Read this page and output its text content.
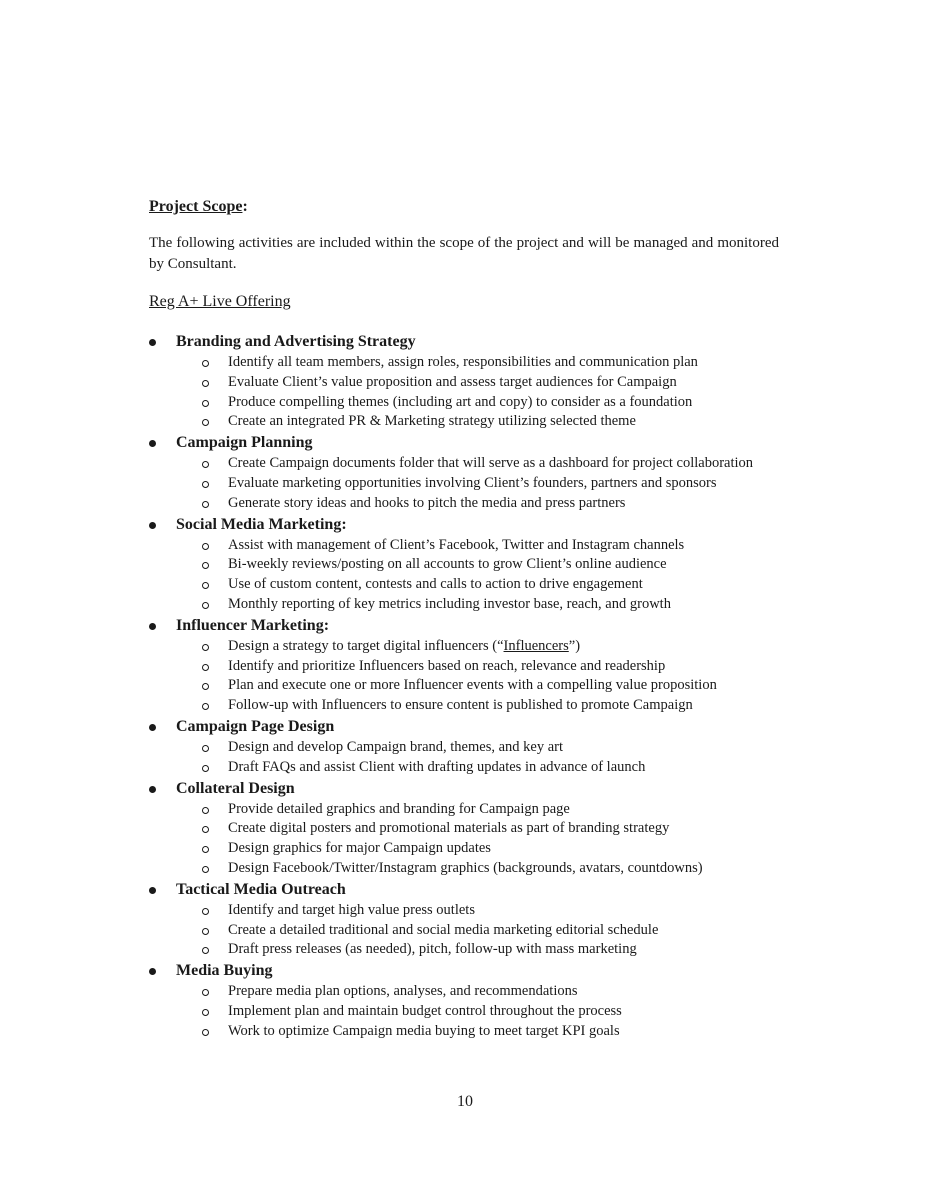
Project Scope:
The following activities are included within the scope of the project and will be managed and monitored by Consultant.
Reg A+ Live Offering
Branding and Advertising Strategy
Identify all team members, assign roles, responsibilities and communication plan
Evaluate Client’s value proposition and assess target audiences for Campaign
Produce compelling themes (including art and copy) to consider as a foundation
Create an integrated PR & Marketing strategy utilizing selected theme
Campaign Planning
Create Campaign documents folder that will serve as a dashboard for project collaboration
Evaluate marketing opportunities involving Client’s founders, partners and sponsors
Generate story ideas and hooks to pitch the media and press partners
Social Media Marketing:
Assist with management of Client’s Facebook, Twitter and Instagram channels
Bi-weekly reviews/posting on all accounts to grow Client’s online audience
Use of custom content, contests and calls to action to drive engagement
Monthly reporting of key metrics including investor base, reach, and growth
Influencer Marketing:
Design a strategy to target digital influencers (“Influencers”)
Identify and prioritize Influencers based on reach, relevance and readership
Plan and execute one or more Influencer events with a compelling value proposition
Follow-up with Influencers to ensure content is published to promote Campaign
Campaign Page Design
Design and develop Campaign brand, themes, and key art
Draft FAQs and assist Client with drafting updates in advance of launch
Collateral Design
Provide detailed graphics and branding for Campaign page
Create digital posters and promotional materials as part of branding strategy
Design graphics for major Campaign updates
Design Facebook/Twitter/Instagram graphics (backgrounds, avatars, countdowns)
Tactical Media Outreach
Identify and target high value press outlets
Create a detailed traditional and social media marketing editorial schedule
Draft press releases (as needed), pitch, follow-up with mass marketing
Media Buying
Prepare media plan options, analyses, and recommendations
Implement plan and maintain budget control throughout the process
Work to optimize Campaign media buying to meet target KPI goals
10
